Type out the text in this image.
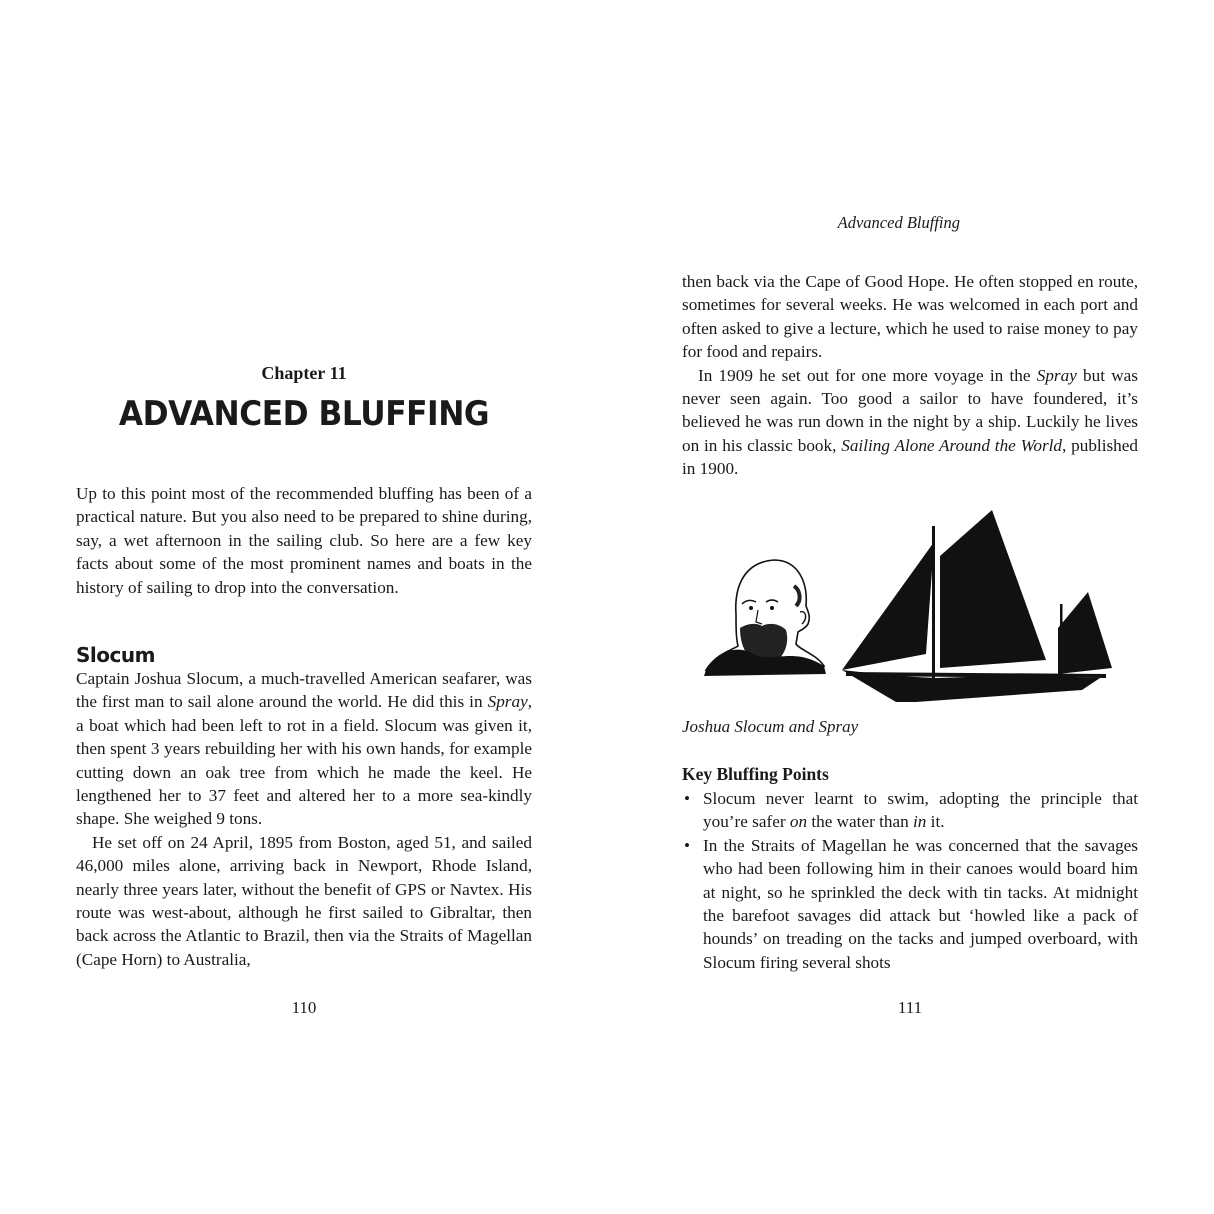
Chapter 11
ADVANCED BLUFFING
Up to this point most of the recommended bluffing has been of a practical nature. But you also need to be prepared to shine during, say, a wet afternoon in the sailing club. So here are a few key facts about some of the most prominent names and boats in the history of sailing to drop into the conversation.
Slocum

Captain Joshua Slocum, a much-travelled American seafarer, was the first man to sail alone around the world. He did this in Spray, a boat which had been left to rot in a field. Slocum was given it, then spent 3 years rebuilding her with his own hands, for example cutting down an oak tree from which he made the keel. He lengthened her to 37 feet and altered her to a more sea-kindly shape. She weighed 9 tons.

He set off on 24 April, 1895 from Boston, aged 51, and sailed 46,000 miles alone, arriving back in Newport, Rhode Island, nearly three years later, without the benefit of GPS or Navtex. His route was west-about, although he first sailed to Gibraltar, then back across the Atlantic to Brazil, then via the Straits of Magellan (Cape Horn) to Australia,

110
Advanced Bluffing

then back via the Cape of Good Hope. He often stopped en route, sometimes for several weeks. He was welcomed in each port and often asked to give a lecture, which he used to raise money to pay for food and repairs.

In 1909 he set out for one more voyage in the Spray but was never seen again. Too good a sailor to have foundered, it’s believed he was run down in the night by a ship. Luckily he lives on in his classic book, Sailing Alone Around the World, published in 1900.

Joshua Slocum and Spray
Key Bluffing Points
• Slocum never learnt to swim, adopting the principle that you’re safer on the water than in it.
• In the Straits of Magellan he was concerned that the savages who had been following him in their canoes would board him at night, so he sprinkled the deck with tin tacks. At midnight the barefoot savages did attack but ‘howled like a pack of hounds’ on treading on the tacks and jumped overboard, with Slocum firing several shots
111
